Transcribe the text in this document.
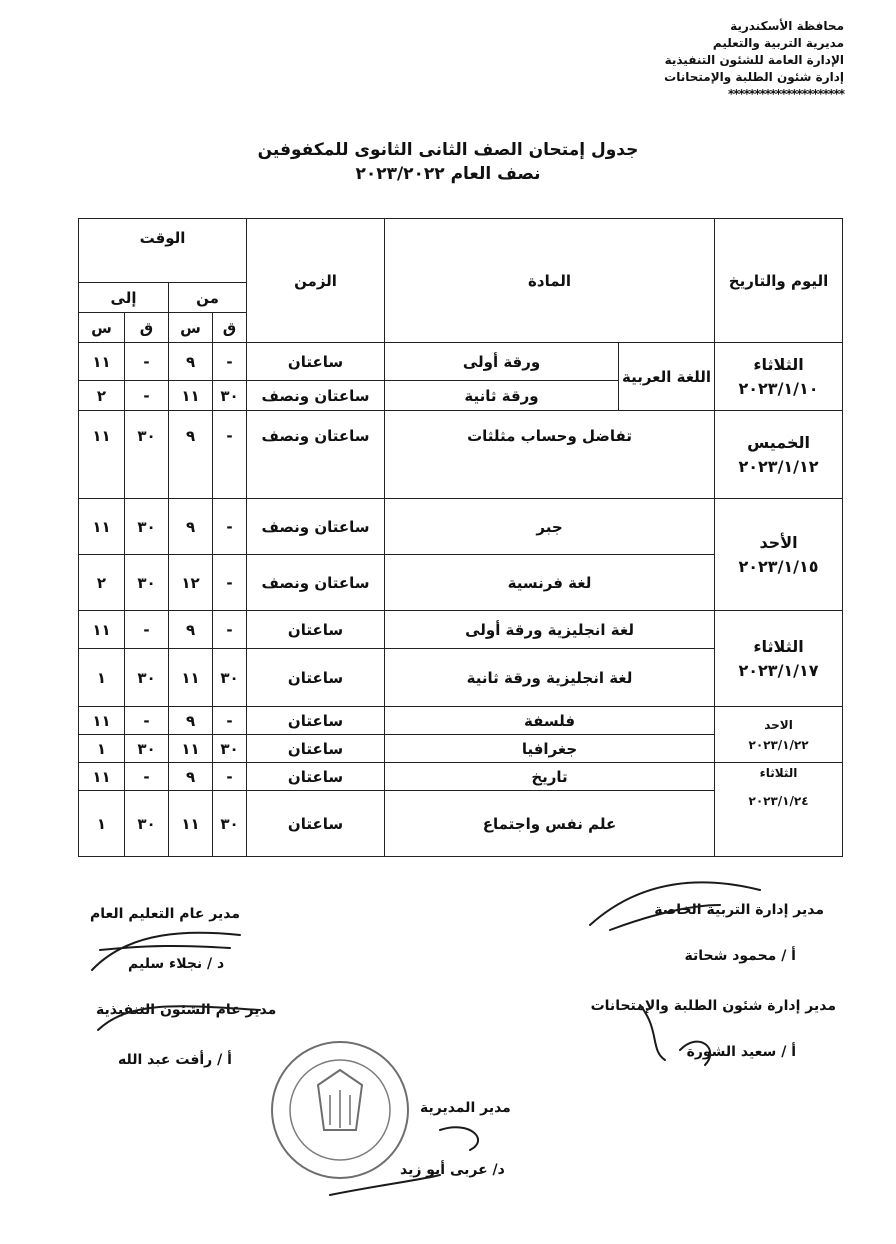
محافظة الأسكندرية
مديرية التربية والتعليم
الإدارة العامة للشئون التنفيذية
إدارة شئون الطلبة والإمتحانات
**********************
جدول إمتحان الصف الثانى الثانوى للمكفوفين
نصف العام ٢٠٢٣/٢٠٢٢
اليوم والتاريخ	المادة		الزمن	الوقت			
				من		إلى	
				ق	س	ق	س

الثلاثاء
٢٠٢٣/١/١٠	اللغة العربية	ورقة أولى	ساعتان	-	٩	-	١١
		ورقة ثانية	ساعتان ونصف	٣٠	١١	-	٢

الخميس
٢٠٢٣/١/١٢	تفاضل وحساب مثلثات		ساعتان ونصف	-	٩	٣٠	١١

الأحد
٢٠٢٣/١/١٥	جبر		ساعتان ونصف	-	٩	٣٠	١١
	لغة فرنسية		ساعتان ونصف	-	١٢	٣٠	٢

الثلاثاء
٢٠٢٣/١/١٧	لغة انجليزية ورقة أولى		ساعتان	-	٩	-	١١
	لغة انجليزية ورقة ثانية		ساعتان	٣٠	١١	٣٠	١

الاحد
٢٠٢٣/١/٢٢	فلسفة		ساعتان	-	٩	-	١١
	جغرافيا		ساعتان	٣٠	١١	٣٠	١

الثلاثاء
٢٠٢٣/١/٢٤	تاريخ		ساعتان	-	٩	-	١١
	علم نفس واجتماع		ساعتان	٣٠	١١	٣٠	١
مدير إدارة التربية الخاصة
أ / محمود شحاتة
مدير عام التعليم العام
د / نجلاء سليم
مدير إدارة شئون الطلبة والإمتحانات
أ / سعيد الشورة
مدير عام الشئون التنفيذية
أ / رأفت عبد الله
مدير المديرية
د/ عربى أبو زيد
